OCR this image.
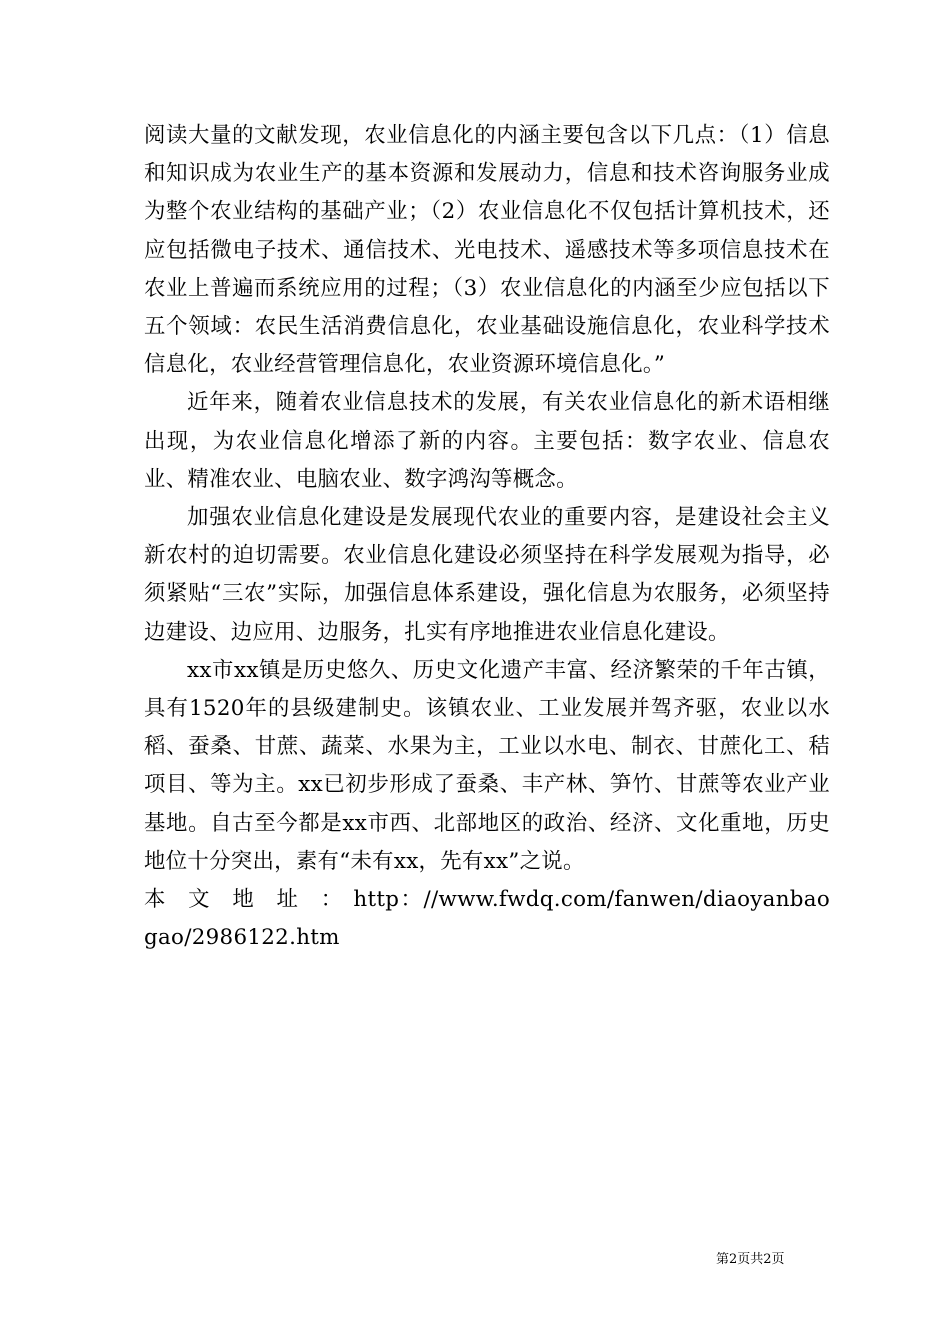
阅读大量的文献发现，农业信息化的内涵主要包含以下几点：（1）信息和知识成为农业生产的基本资源和发展动力，信息和技术咨询服务业成为整个农业结构的基础产业；（2）农业信息化不仅包括计算机技术，还应包括微电子技术、通信技术、光电技术、遥感技术等多项信息技术在农业上普遍而系统应用的过程；（3）农业信息化的内涵至少应包括以下五个领域：农民生活消费信息化，农业基础设施信息化，农业科学技术信息化，农业经营管理信息化，农业资源环境信息化。”

近年来，随着农业信息技术的发展，有关农业信息化的新术语相继出现，为农业信息化增添了新的内容。主要包括：数字农业、信息农业、精准农业、电脑农业、数字鸿沟等概念。

加强农业信息化建设是发展现代农业的重要内容，是建设社会主义新农村的迫切需要。农业信息化建设必须坚持在科学发展观为指导，必须紧贴“三农”实际，加强信息体系建设，强化信息为农服务，必须坚持边建设、边应用、边服务，扎实有序地推进农业信息化建设。

xx市xx镇是历史悠久、历史文化遗产丰富、经济繁荣的千年古镇，具有1520年的县级建制史。该镇农业、工业发展并驾齐驱，农业以水稻、蚕桑、甘蔗、蔬菜、水果为主，工业以水电、制衣、甘蔗化工、秸项目、等为主。xx已初步形成了蚕桑、丰产林、笋竹、甘蔗等农业产业基地。自古至今都是xx市西、北部地区的政治、经济、文化重地，历史地位十分突出，素有“未有xx，先有xx”之说。

本文地址： http：//www.fwdq.com/fanwen/diaoyanbaogao/2986122.htm

第2页共2页
